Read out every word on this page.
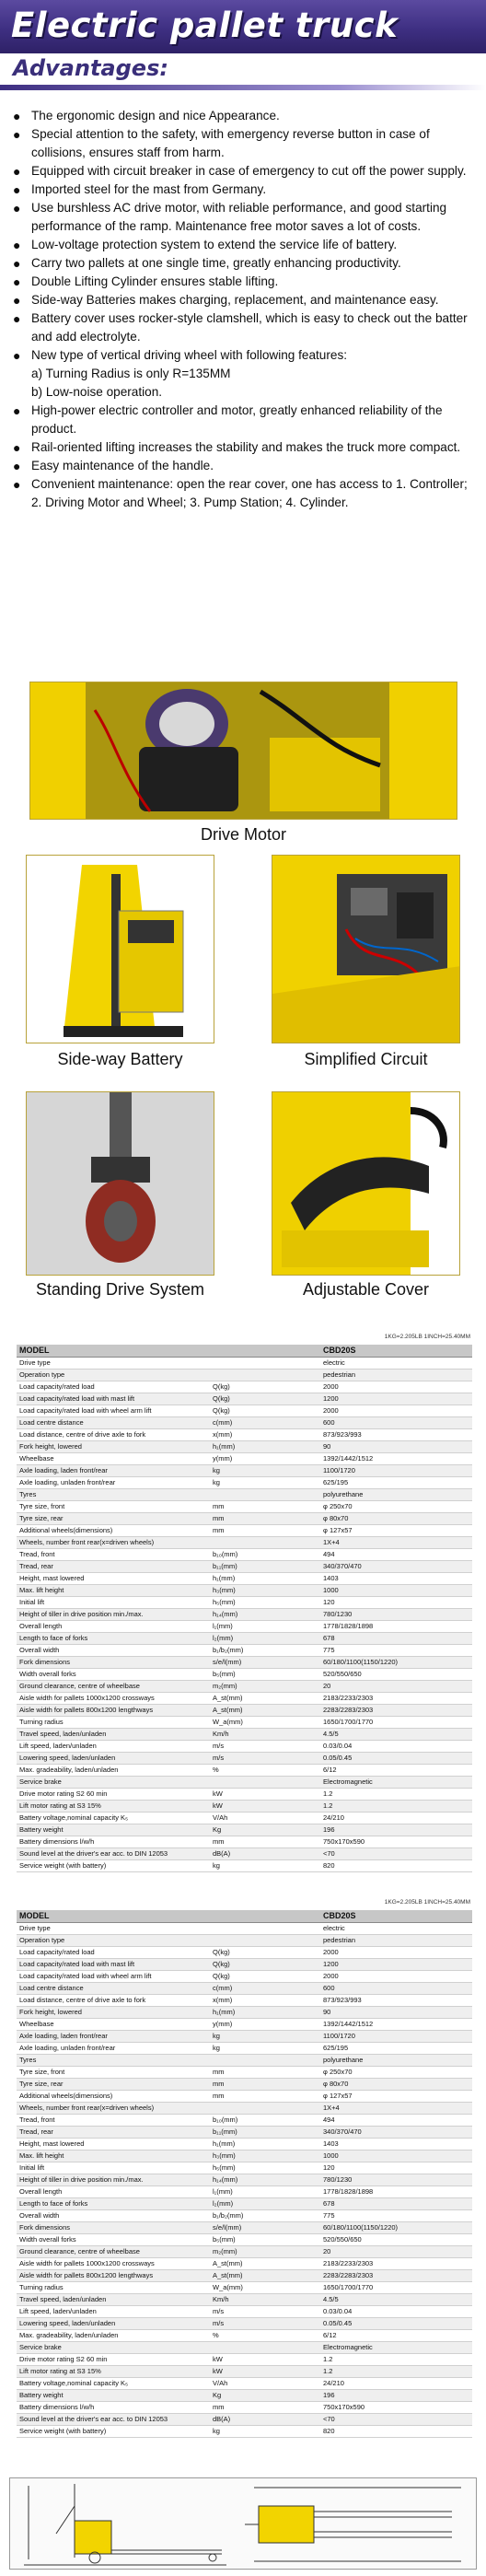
Electric pallet truck
Advantages:
● The ergonomic design and nice Appearance.
● Special attention to the safety, with emergency reverse button in case of collisions, ensures staff from harm.
● Equipped with circuit breaker in case of emergency to cut off the power supply.
● Imported steel for the mast from Germany.
● Use burshless AC drive motor, with reliable performance, and good starting performance of the ramp. Maintenance free motor saves a lot of costs.
● Low-voltage protection system to extend the service life of battery.
● Carry two pallets at one single time, greatly enhancing productivity.
● Double Lifting Cylinder ensures stable lifting.
● Side-way Batteries makes charging, replacement, and maintenance easy.
● Battery cover uses rocker-style clamshell, which is easy to check out the batter and add electrolyte.
● New type of vertical driving wheel with following features:
a) Turning Radius is only R=135MM
b) Low-noise operation.
● High-power electric controller and motor, greatly enhanced reliability of the product.
● Rail-oriented lifting increases the stability and makes the truck more compact.
● Easy maintenance of the handle.
● Convenient maintenance: open the rear cover, one has access to 1. Controller; 2. Driving Motor and Wheel; 3. Pump Station; 4. Cylinder.
Drive Motor
Side-way Battery	Simplified Circuit
Standing Drive System	Adjustable Cover
1KG=2.205LB 1INCH=25.40MM
MODEL		CBD20S
Drive type		electric
Operation type		pedestrian
Load capacity/rated load	Q(kg)	2000
Load capacity/rated load with mast lift	Q(kg)	1200
Load capacity/rated load with wheel arm lift	Q(kg)	2000
Load centre distance	c(mm)	600
Load distance, centre of drive axle to fork	x(mm)	873/923/993
Fork height, lowered	h₁(mm)	90
Wheelbase	y(mm)	1392/1442/1512
Axle loading, laden front/rear	kg	1100/1720
Axle loading, unladen front/rear	kg	625/195
Tyres		polyurethane
Tyre size, front	mm	φ 250x70
Tyre size, rear	mm	φ 80x70
Additional wheels(dimensions)	mm	φ 127x57
Wheels, number front rear(x=driven wheels)		1X+4
Tread, front	b₁₀(mm)	494
Tread, rear	b₁₁(mm)	340/370/470
Height, mast lowered	h₁(mm)	1403
Max. lift height	h₃(mm)	1000
Initial lift	h₅(mm)	120
Height of tiller in drive position min./max.	h₁₄(mm)	780/1230
Overall length	l₁(mm)	1778/1828/1898
Length to face of forks	l₂(mm)	678
Overall width	b₁/b₂(mm)	775
Fork dimensions	s/e/l(mm)	60/180/1100(1150/1220)
Width overall forks	b₅(mm)	520/550/650
Ground clearance, centre of wheelbase	m₂(mm)	20
Aisle width for pallets 1000x1200 crossways	A_st(mm)	2183/2233/2303
Aisle width for pallets 800x1200 lengthways	A_st(mm)	2283/2283/2303
Turning radius	W_a(mm)	1650/1700/1770
Travel speed, laden/unladen	Km/h	4.5/5
Lift speed, laden/unladen	m/s	0.03/0.04
Lowering speed, laden/unladen	m/s	0.05/0.45
Max. gradeability, laden/unladen	%	6/12
Service brake		Electromagnetic
Drive motor rating S2 60 min	kW	1.2
Lift motor rating at S3 15%	kW	1.2
Battery voltage,nominal capacity K₅	V/Ah	24/210
Battery weight	Kg	196
Battery dimensions l/w/h	mm	750x170x590
Sound level at the driver's ear acc. to DIN 12053	dB(A)	<70
Service weight (with battery)	kg	820
1KG=2.205LB 1INCH=25.40MM
MODEL		CBD20S
Drive type		electric
Operation type		pedestrian
Load capacity/rated load	Q(kg)	2000
Load capacity/rated load with mast lift	Q(kg)	1200
Load capacity/rated load with wheel arm lift	Q(kg)	2000
Load centre distance	c(mm)	600
Load distance, centre of drive axle to fork	x(mm)	873/923/993
Fork height, lowered	h₁(mm)	90
Wheelbase	y(mm)	1392/1442/1512
Axle loading, laden front/rear	kg	1100/1720
Axle loading, unladen front/rear	kg	625/195
Tyres		polyurethane
Tyre size, front	mm	φ 250x70
Tyre size, rear	mm	φ 80x70
Additional wheels(dimensions)	mm	φ 127x57
Wheels, number front rear(x=driven wheels)		1X+4
Tread, front	b₁₀(mm)	494
Tread, rear	b₁₁(mm)	340/370/470
Height, mast lowered	h₁(mm)	1403
Max. lift height	h₃(mm)	1000
Initial lift	h₅(mm)	120
Height of tiller in drive position min./max.	h₁₄(mm)	780/1230
Overall length	l₁(mm)	1778/1828/1898
Length to face of forks	l₂(mm)	678
Overall width	b₁/b₂(mm)	775
Fork dimensions	s/e/l(mm)	60/180/1100(1150/1220)
Width overall forks	b₅(mm)	520/550/650
Ground clearance, centre of wheelbase	m₂(mm)	20
Aisle width for pallets 1000x1200 crossways	A_st(mm)	2183/2233/2303
Aisle width for pallets 800x1200 lengthways	A_st(mm)	2283/2283/2303
Turning radius	W_a(mm)	1650/1700/1770
Travel speed, laden/unladen	Km/h	4.5/5
Lift speed, laden/unladen	m/s	0.03/0.04
Lowering speed, laden/unladen	m/s	0.05/0.45
Max. gradeability, laden/unladen	%	6/12
Service brake		Electromagnetic
Drive motor rating S2 60 min	kW	1.2
Lift motor rating at S3 15%	kW	1.2
Battery voltage,nominal capacity K₅	V/Ah	24/210
Battery weight	Kg	196
Battery dimensions l/w/h	mm	750x170x590
Sound level at the driver's ear acc. to DIN 12053	dB(A)	<70
Service weight (with battery)	kg	820
